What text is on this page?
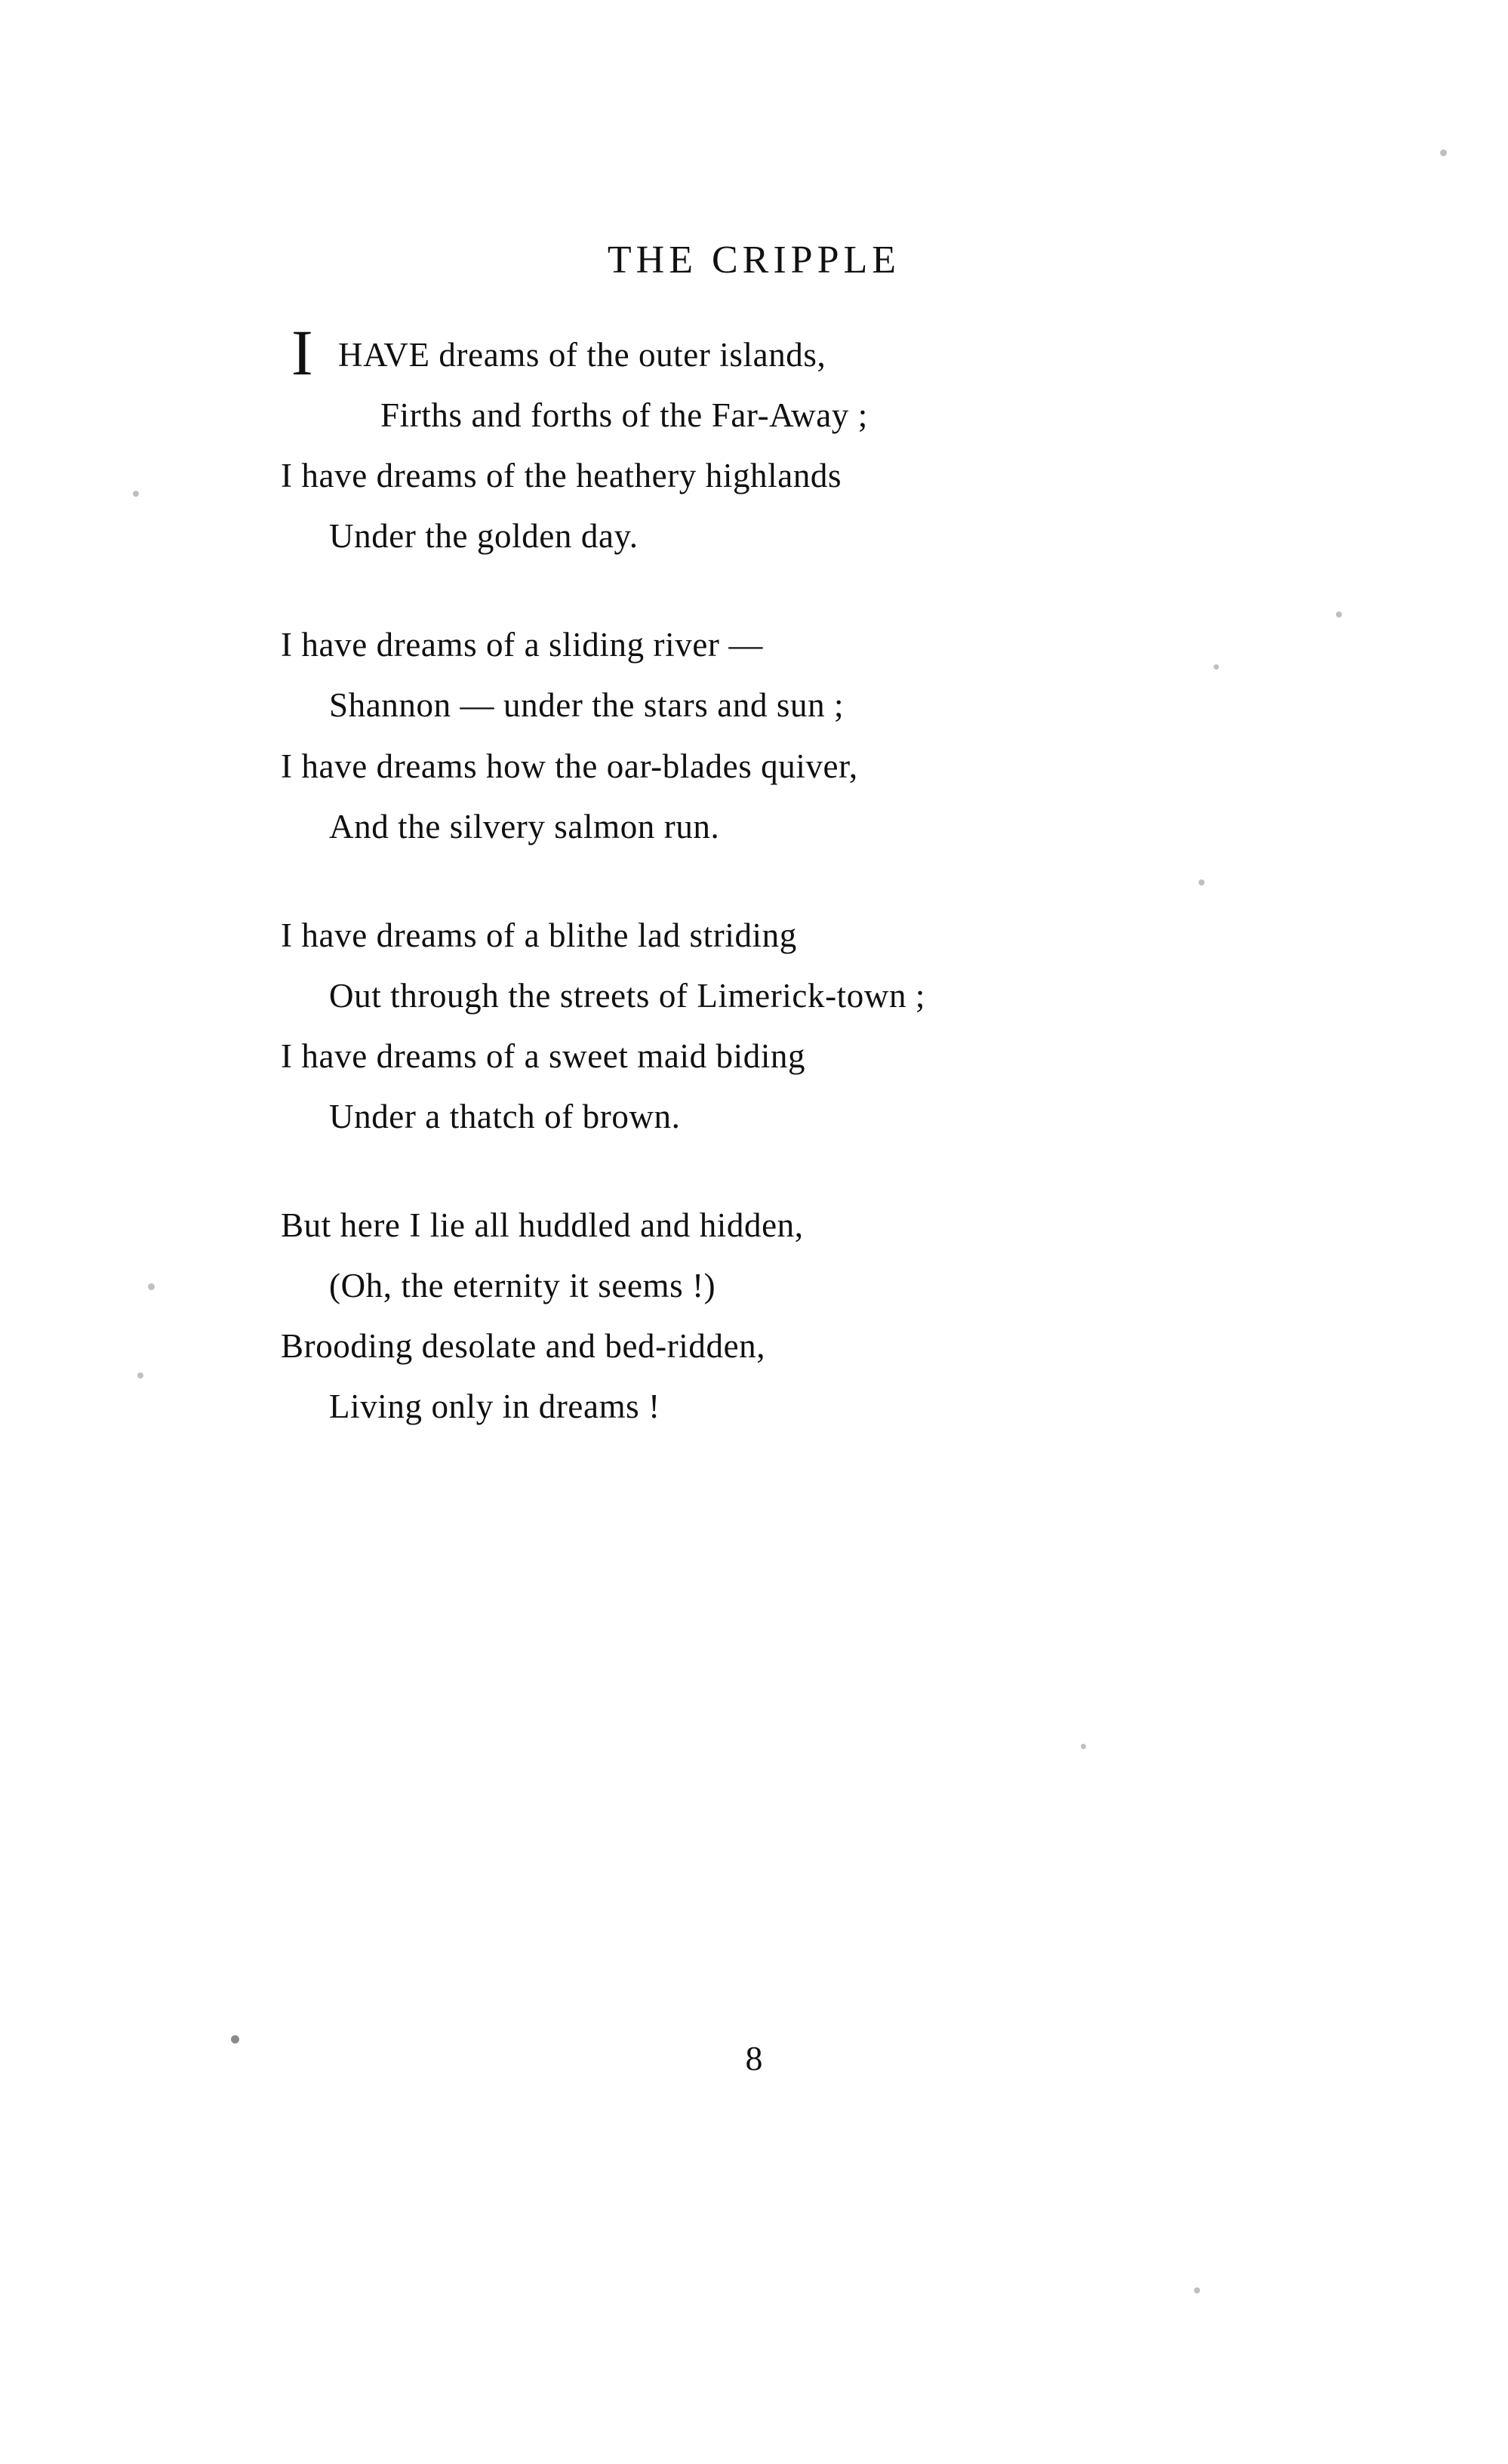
THE CRIPPLE
I HAVE dreams of the outer islands,
Firths and forths of the Far-Away ;
I have dreams of the heathery highlands
Under the golden day.
I have dreams of a sliding river —
Shannon — under the stars and sun ;
I have dreams how the oar-blades quiver,
And the silvery salmon run.
I have dreams of a blithe lad striding
Out through the streets of Limerick-town ;
I have dreams of a sweet maid biding
Under a thatch of brown.
But here I lie all huddled and hidden,
(Oh, the eternity it seems !)
Brooding desolate and bed-ridden,
Living only in dreams !
8
